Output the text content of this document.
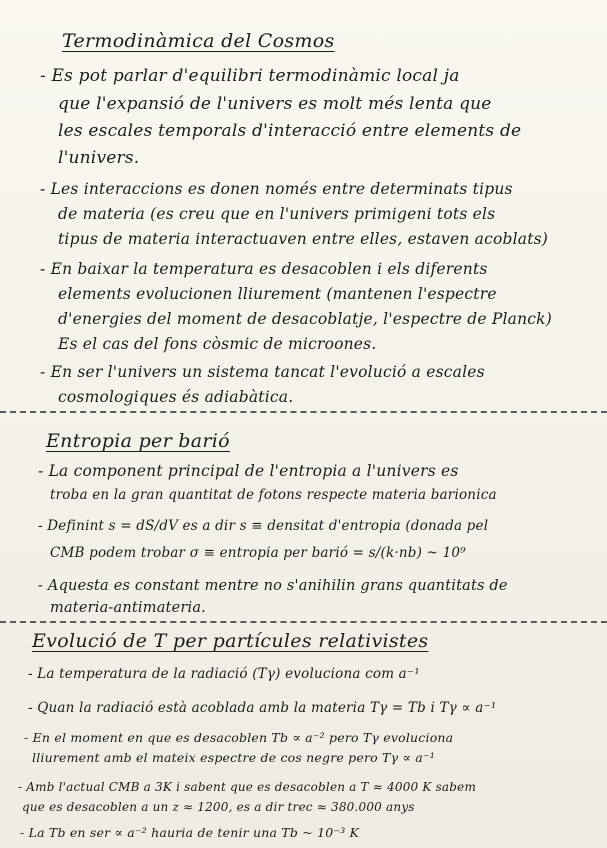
Termodinàmica del Cosmos
- Es pot parlar d'equilibri termodinàmic local ja
que l'expansió de l'univers es molt més lenta que
les escales temporals d'interacció entre elements de
l'univers.
- Les interaccions es donen només entre determinats tipus
de materia (es creu que en l'univers primigeni tots els
tipus de materia interactuaven entre elles, estaven acoblats)
- En baixar la temperatura es desacoblen i els diferents
elements evolucionen lliurement (mantenen l'espectre
d'energies del moment de desacoblatje, l'espectre de Planck)
Es el cas del fons còsmic de microones.
- En ser l'univers un sistema tancat l'evolució a escales
cosmologiques és adiabàtica.
Entropia per barió
- La component principal de l'entropia a l'univers es
troba en la gran quantitat de fotons respecte materia barionica
- Definint s = dS/dV es a dir s ≡ densitat d'entropia (donada pel
CMB podem trobar σ ≡ entropia per barió = s/(k·nb) ~ 10⁹
- Aquesta es constant mentre no s'anihilin grans quantitats de
materia-antimateria.
Evolució de T per partícules relativistes
- La temperatura de la radiació (Tγ) evoluciona com a⁻¹
- Quan la radiació està acoblada amb la materia Tγ = Tb i Tγ ∝ a⁻¹
- En el moment en que es desacoblen Tb ∝ a⁻² pero Tγ evoluciona
lliurement amb el mateix espectre de cos negre pero Tγ ∝ a⁻¹
- Amb l'actual CMB a 3K i sabent que es desacoblen a T ≈ 4000 K sabem
que es desacoblen a un z ≈ 1200, es a dir trec ≈ 380.000 anys
- La Tb en ser ∝ a⁻² hauria de tenir una Tb ~ 10⁻³ K
